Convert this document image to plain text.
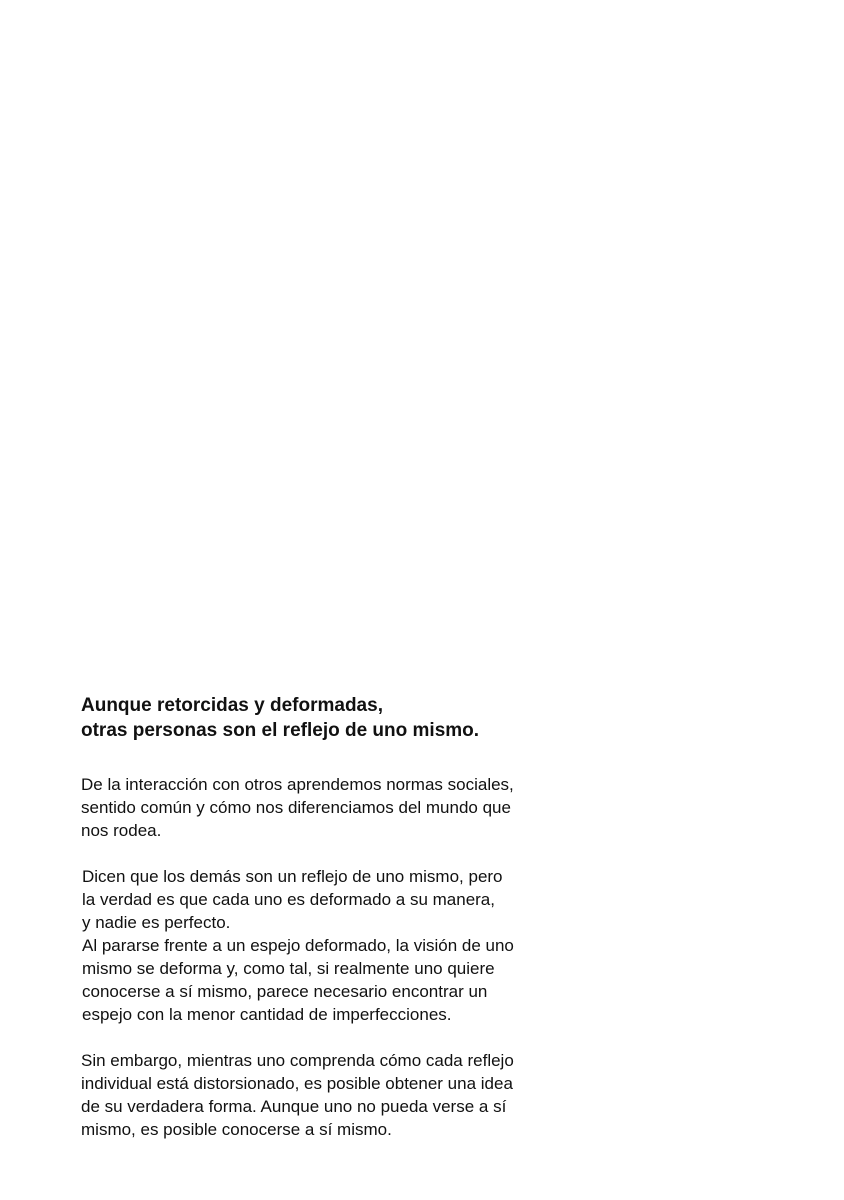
Aunque retorcidas y deformadas,
otras personas son el reflejo de uno mismo.

De la interacción con otros aprendemos normas sociales,
sentido común y cómo nos diferenciamos del mundo que
nos rodea.

Dicen que los demás son un reflejo de uno mismo, pero
la verdad es que cada uno es deformado a su manera,
y nadie es perfecto.
Al pararse frente a un espejo deformado, la visión de uno
mismo se deforma y, como tal, si realmente uno quiere
conocerse a sí mismo, parece necesario encontrar un
espejo con la menor cantidad de imperfecciones.

Sin embargo, mientras uno comprenda cómo cada reflejo
individual está distorsionado, es posible obtener una idea
de su verdadera forma. Aunque uno no pueda verse a sí
mismo, es posible conocerse a sí mismo.
